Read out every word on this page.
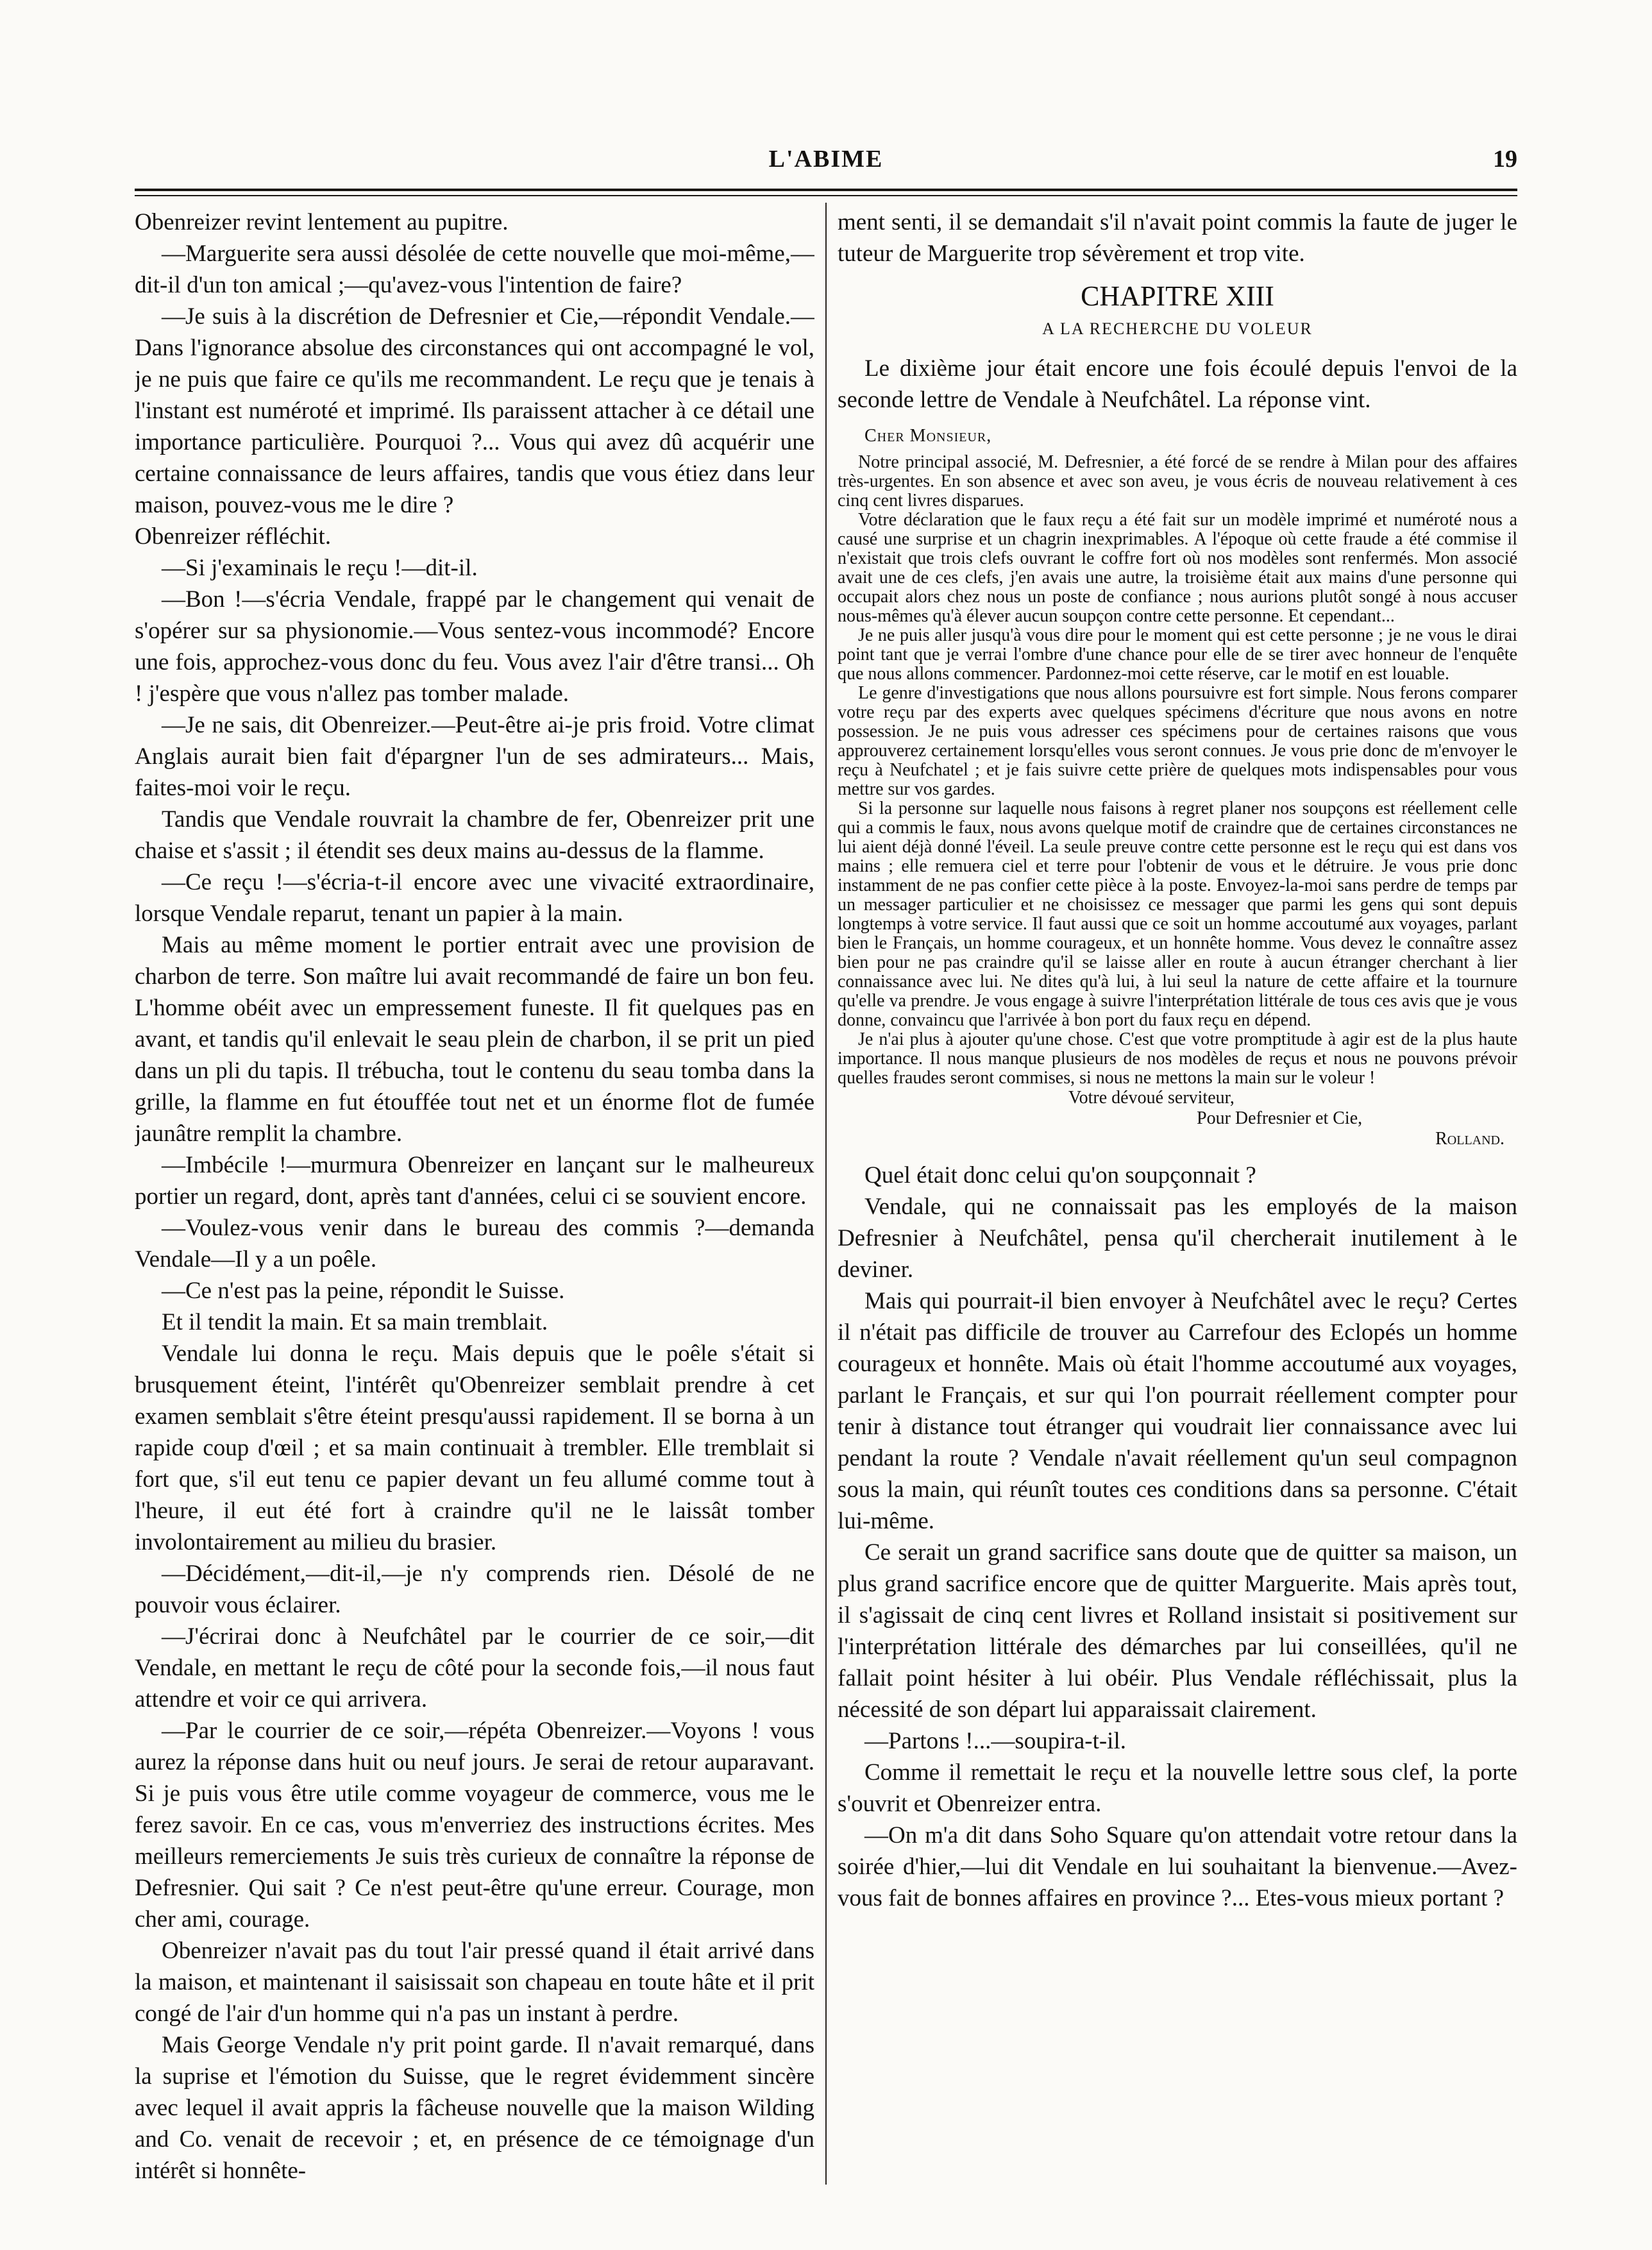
L'ABIME	19

Obenreizer revint lentement au pupitre.

—Marguerite sera aussi désolée de cette nouvelle que moi-même,—dit-il d'un ton amical ;—qu'avez-vous l'intention de faire?

—Je suis à la discrétion de Defresnier et Cie,—répondit Vendale.—Dans l'ignorance absolue des circonstances qui ont accompagné le vol, je ne puis que faire ce qu'ils me recommandent. Le reçu que je tenais à l'instant est numéroté et imprimé. Ils paraissent attacher à ce détail une importance particulière. Pourquoi ?... Vous qui avez dû acquérir une certaine connaissance de leurs affaires, tandis que vous étiez dans leur maison, pouvez-vous me le dire ?

Obenreizer réfléchit.

—Si j'examinais le reçu !—dit-il.

—Bon !—s'écria Vendale, frappé par le changement qui venait de s'opérer sur sa physionomie.—Vous sentez-vous incommodé? Encore une fois, approchez-vous donc du feu. Vous avez l'air d'être transi... Oh ! j'espère que vous n'allez pas tomber malade.

—Je ne sais, dit Obenreizer.—Peut-être ai-je pris froid. Votre climat Anglais aurait bien fait d'épargner l'un de ses admirateurs... Mais, faites-moi voir le reçu.

Tandis que Vendale rouvrait la chambre de fer, Obenreizer prit une chaise et s'assit ; il étendit ses deux mains au-dessus de la flamme.

—Ce reçu !—s'écria-t-il encore avec une vivacité extraordinaire, lorsque Vendale reparut, tenant un papier à la main.

Mais au même moment le portier entrait avec une provision de charbon de terre. Son maître lui avait recommandé de faire un bon feu. L'homme obéit avec un empressement funeste. Il fit quelques pas en avant, et tandis qu'il enlevait le seau plein de charbon, il se prit un pied dans un pli du tapis. Il trébucha, tout le contenu du seau tomba dans la grille, la flamme en fut étouffée tout net et un énorme flot de fumée jaunâtre remplit la chambre.

—Imbécile !—murmura Obenreizer en lançant sur le malheureux portier un regard, dont, après tant d'années, celui ci se souvient encore.

—Voulez-vous venir dans le bureau des commis ?—demanda Vendale—Il y a un poêle.

—Ce n'est pas la peine, répondit le Suisse.

Et il tendit la main. Et sa main tremblait.

Vendale lui donna le reçu. Mais depuis que le poêle s'était si brusquement éteint, l'intérêt qu'Obenreizer semblait prendre à cet examen semblait s'être éteint presqu'aussi rapidement. Il se borna à un rapide coup d'œil ; et sa main continuait à trembler. Elle tremblait si fort que, s'il eut tenu ce papier devant un feu allumé comme tout à l'heure, il eut été fort à craindre qu'il ne le laissât tomber involontairement au milieu du brasier.

—Décidément,—dit-il,—je n'y comprends rien. Désolé de ne pouvoir vous éclairer.

—J'écrirai donc à Neufchâtel par le courrier de ce soir,—dit Vendale, en mettant le reçu de côté pour la seconde fois,—il nous faut attendre et voir ce qui arrivera.

—Par le courrier de ce soir,—répéta Obenreizer.—Voyons ! vous aurez la réponse dans huit ou neuf jours. Je serai de retour auparavant. Si je puis vous être utile comme voyageur de commerce, vous me le ferez savoir. En ce cas, vous m'enverriez des instructions écrites. Mes meilleurs remerciements Je suis très curieux de connaître la réponse de Defresnier. Qui sait ? Ce n'est peut-être qu'une erreur. Courage, mon cher ami, courage.

Obenreizer n'avait pas du tout l'air pressé quand il était arrivé dans la maison, et maintenant il saisissait son chapeau en toute hâte et il prit congé de l'air d'un homme qui n'a pas un instant à perdre.

Mais George Vendale n'y prit point garde. Il n'avait remarqué, dans la suprise et l'émotion du Suisse, que le regret évidemment sincère avec lequel il avait appris la fâcheuse nouvelle que la maison Wilding and Co. venait de recevoir ; et, en présence de ce témoignage d'un intérêt si honnête-

ment senti, il se demandait s'il n'avait point commis la faute de juger le tuteur de Marguerite trop sévèrement et trop vite.

CHAPITRE XIII
A LA RECHERCHE DU VOLEUR

Le dixième jour était encore une fois écoulé depuis l'envoi de la seconde lettre de Vendale à Neufchâtel. La réponse vint.

Cher Monsieur,

Notre principal associé, M. Defresnier, a été forcé de se rendre à Milan pour des affaires très-urgentes. En son absence et avec son aveu, je vous écris de nouveau relativement à ces cinq cent livres disparues.

Votre déclaration que le faux reçu a été fait sur un modèle imprimé et numéroté nous a causé une surprise et un chagrin inexprimables. A l'époque où cette fraude a été commise il n'existait que trois clefs ouvrant le coffre fort où nos modèles sont renfermés. Mon associé avait une de ces clefs, j'en avais une autre, la troisième était aux mains d'une personne qui occupait alors chez nous un poste de confiance ; nous aurions plutôt songé à nous accuser nous-mêmes qu'à élever aucun soupçon contre cette personne. Et cependant...

Je ne puis aller jusqu'à vous dire pour le moment qui est cette personne ; je ne vous le dirai point tant que je verrai l'ombre d'une chance pour elle de se tirer avec honneur de l'enquête que nous allons commencer. Pardonnez-moi cette réserve, car le motif en est louable.

Le genre d'investigations que nous allons poursuivre est fort simple. Nous ferons comparer votre reçu par des experts avec quelques spécimens d'écriture que nous avons en notre possession. Je ne puis vous adresser ces spécimens pour de certaines raisons que vous approuverez certainement lorsqu'elles vous seront connues. Je vous prie donc de m'envoyer le reçu à Neufchatel ; et je fais suivre cette prière de quelques mots indispensables pour vous mettre sur vos gardes.

Si la personne sur laquelle nous faisons à regret planer nos soupçons est réellement celle qui a commis le faux, nous avons quelque motif de craindre que de certaines circonstances ne lui aient déjà donné l'éveil. La seule preuve contre cette personne est le reçu qui est dans vos mains ; elle remuera ciel et terre pour l'obtenir de vous et le détruire. Je vous prie donc instamment de ne pas confier cette pièce à la poste. Envoyez-la-moi sans perdre de temps par un messager particulier et ne choisissez ce messager que parmi les gens qui sont depuis longtemps à votre service. Il faut aussi que ce soit un homme accoutumé aux voyages, parlant bien le Français, un homme courageux, et un honnête homme. Vous devez le connaître assez bien pour ne pas craindre qu'il se laisse aller en route à aucun étranger cherchant à lier connaissance avec lui. Ne dites qu'à lui, à lui seul la nature de cette affaire et la tournure qu'elle va prendre. Je vous engage à suivre l'interprétation littérale de tous ces avis que je vous donne, convaincu que l'arrivée à bon port du faux reçu en dépend.

Je n'ai plus à ajouter qu'une chose. C'est que votre promptitude à agir est de la plus haute importance. Il nous manque plusieurs de nos modèles de reçus et nous ne pouvons prévoir quelles fraudes seront commises, si nous ne mettons la main sur le voleur !

Votre dévoué serviteur,

Pour Defresnier et Cie,

Rolland.

Quel était donc celui qu'on soupçonnait ?

Vendale, qui ne connaissait pas les employés de la maison Defresnier à Neufchâtel, pensa qu'il chercherait inutilement à le deviner.

Mais qui pourrait-il bien envoyer à Neufchâtel avec le reçu? Certes il n'était pas difficile de trouver au Carrefour des Eclopés un homme courageux et honnête. Mais où était l'homme accoutumé aux voyages, parlant le Français, et sur qui l'on pourrait réellement compter pour tenir à distance tout étranger qui voudrait lier connaissance avec lui pendant la route ? Vendale n'avait réellement qu'un seul compagnon sous la main, qui réunît toutes ces conditions dans sa personne. C'était lui-même.

Ce serait un grand sacrifice sans doute que de quitter sa maison, un plus grand sacrifice encore que de quitter Marguerite. Mais après tout, il s'agissait de cinq cent livres et Rolland insistait si positivement sur l'interprétation littérale des démarches par lui conseillées, qu'il ne fallait point hésiter à lui obéir. Plus Vendale réfléchissait, plus la nécessité de son départ lui apparaissait clairement.

—Partons !...—soupira-t-il.

Comme il remettait le reçu et la nouvelle lettre sous clef, la porte s'ouvrit et Obenreizer entra.

—On m'a dit dans Soho Square qu'on attendait votre retour dans la soirée d'hier,—lui dit Vendale en lui souhaitant la bienvenue.—Avez-vous fait de bonnes affaires en province ?... Etes-vous mieux portant ?
